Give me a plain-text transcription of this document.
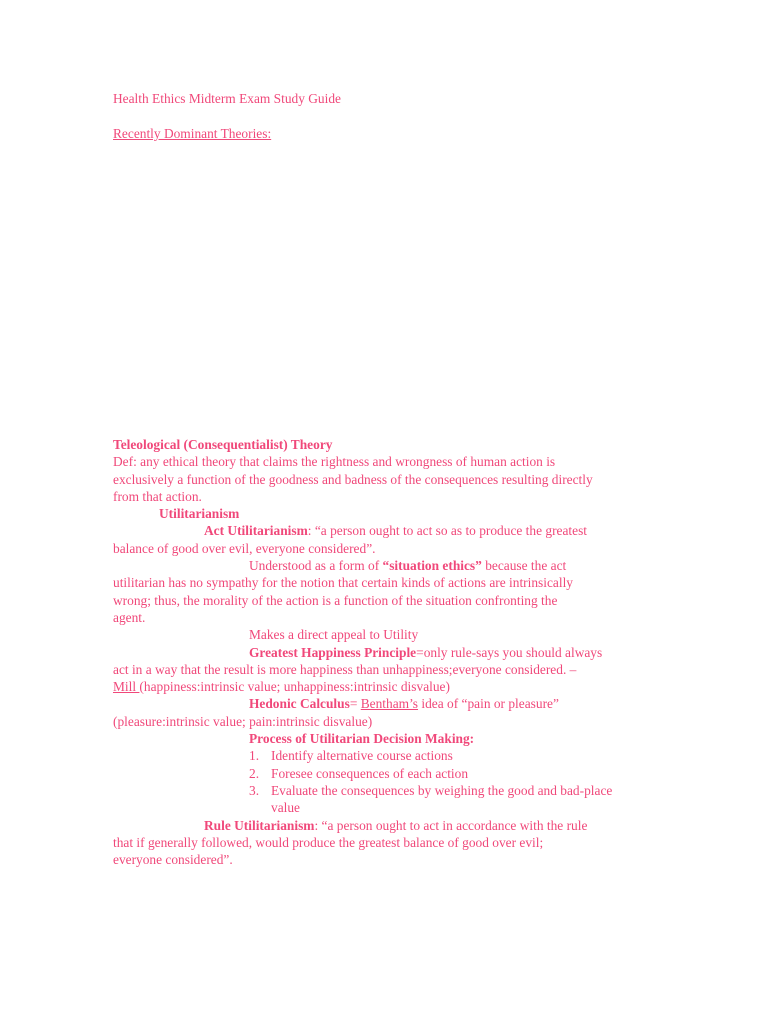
Health Ethics Midterm Exam Study Guide
Recently Dominant Theories:
Teleological (Consequentialist) Theory
Def: any ethical theory that claims the rightness and wrongness of human action is
exclusively a function of the goodness and badness of the consequences resulting directly
from that action.
Utilitarianism
Act Utilitarianism: “a person ought to act so as to produce the greatest
balance of good over evil, everyone considered”.
Understood as a form of “situation ethics” because the act
utilitarian has no sympathy for the notion that certain kinds of actions are intrinsically
wrong; thus, the morality of the action is a function of the situation confronting the
agent.
Makes a direct appeal to Utility
Greatest Happiness Principle=only rule-says you should always
act in a way that the result is more happiness than unhappiness;everyone considered. –
Mill (happiness:intrinsic value; unhappiness:intrinsic disvalue)
Hedonic Calculus= Bentham’s idea of “pain or pleasure”
(pleasure:intrinsic value; pain:intrinsic disvalue)
Process of Utilitarian Decision Making:
1. Identify alternative course actions
2. Foresee consequences of each action
3. Evaluate the consequences by weighing the good and bad-place
value
Rule Utilitarianism: “a person ought to act in accordance with the rule
that if generally followed, would produce the greatest balance of good over evil;
everyone considered”.
